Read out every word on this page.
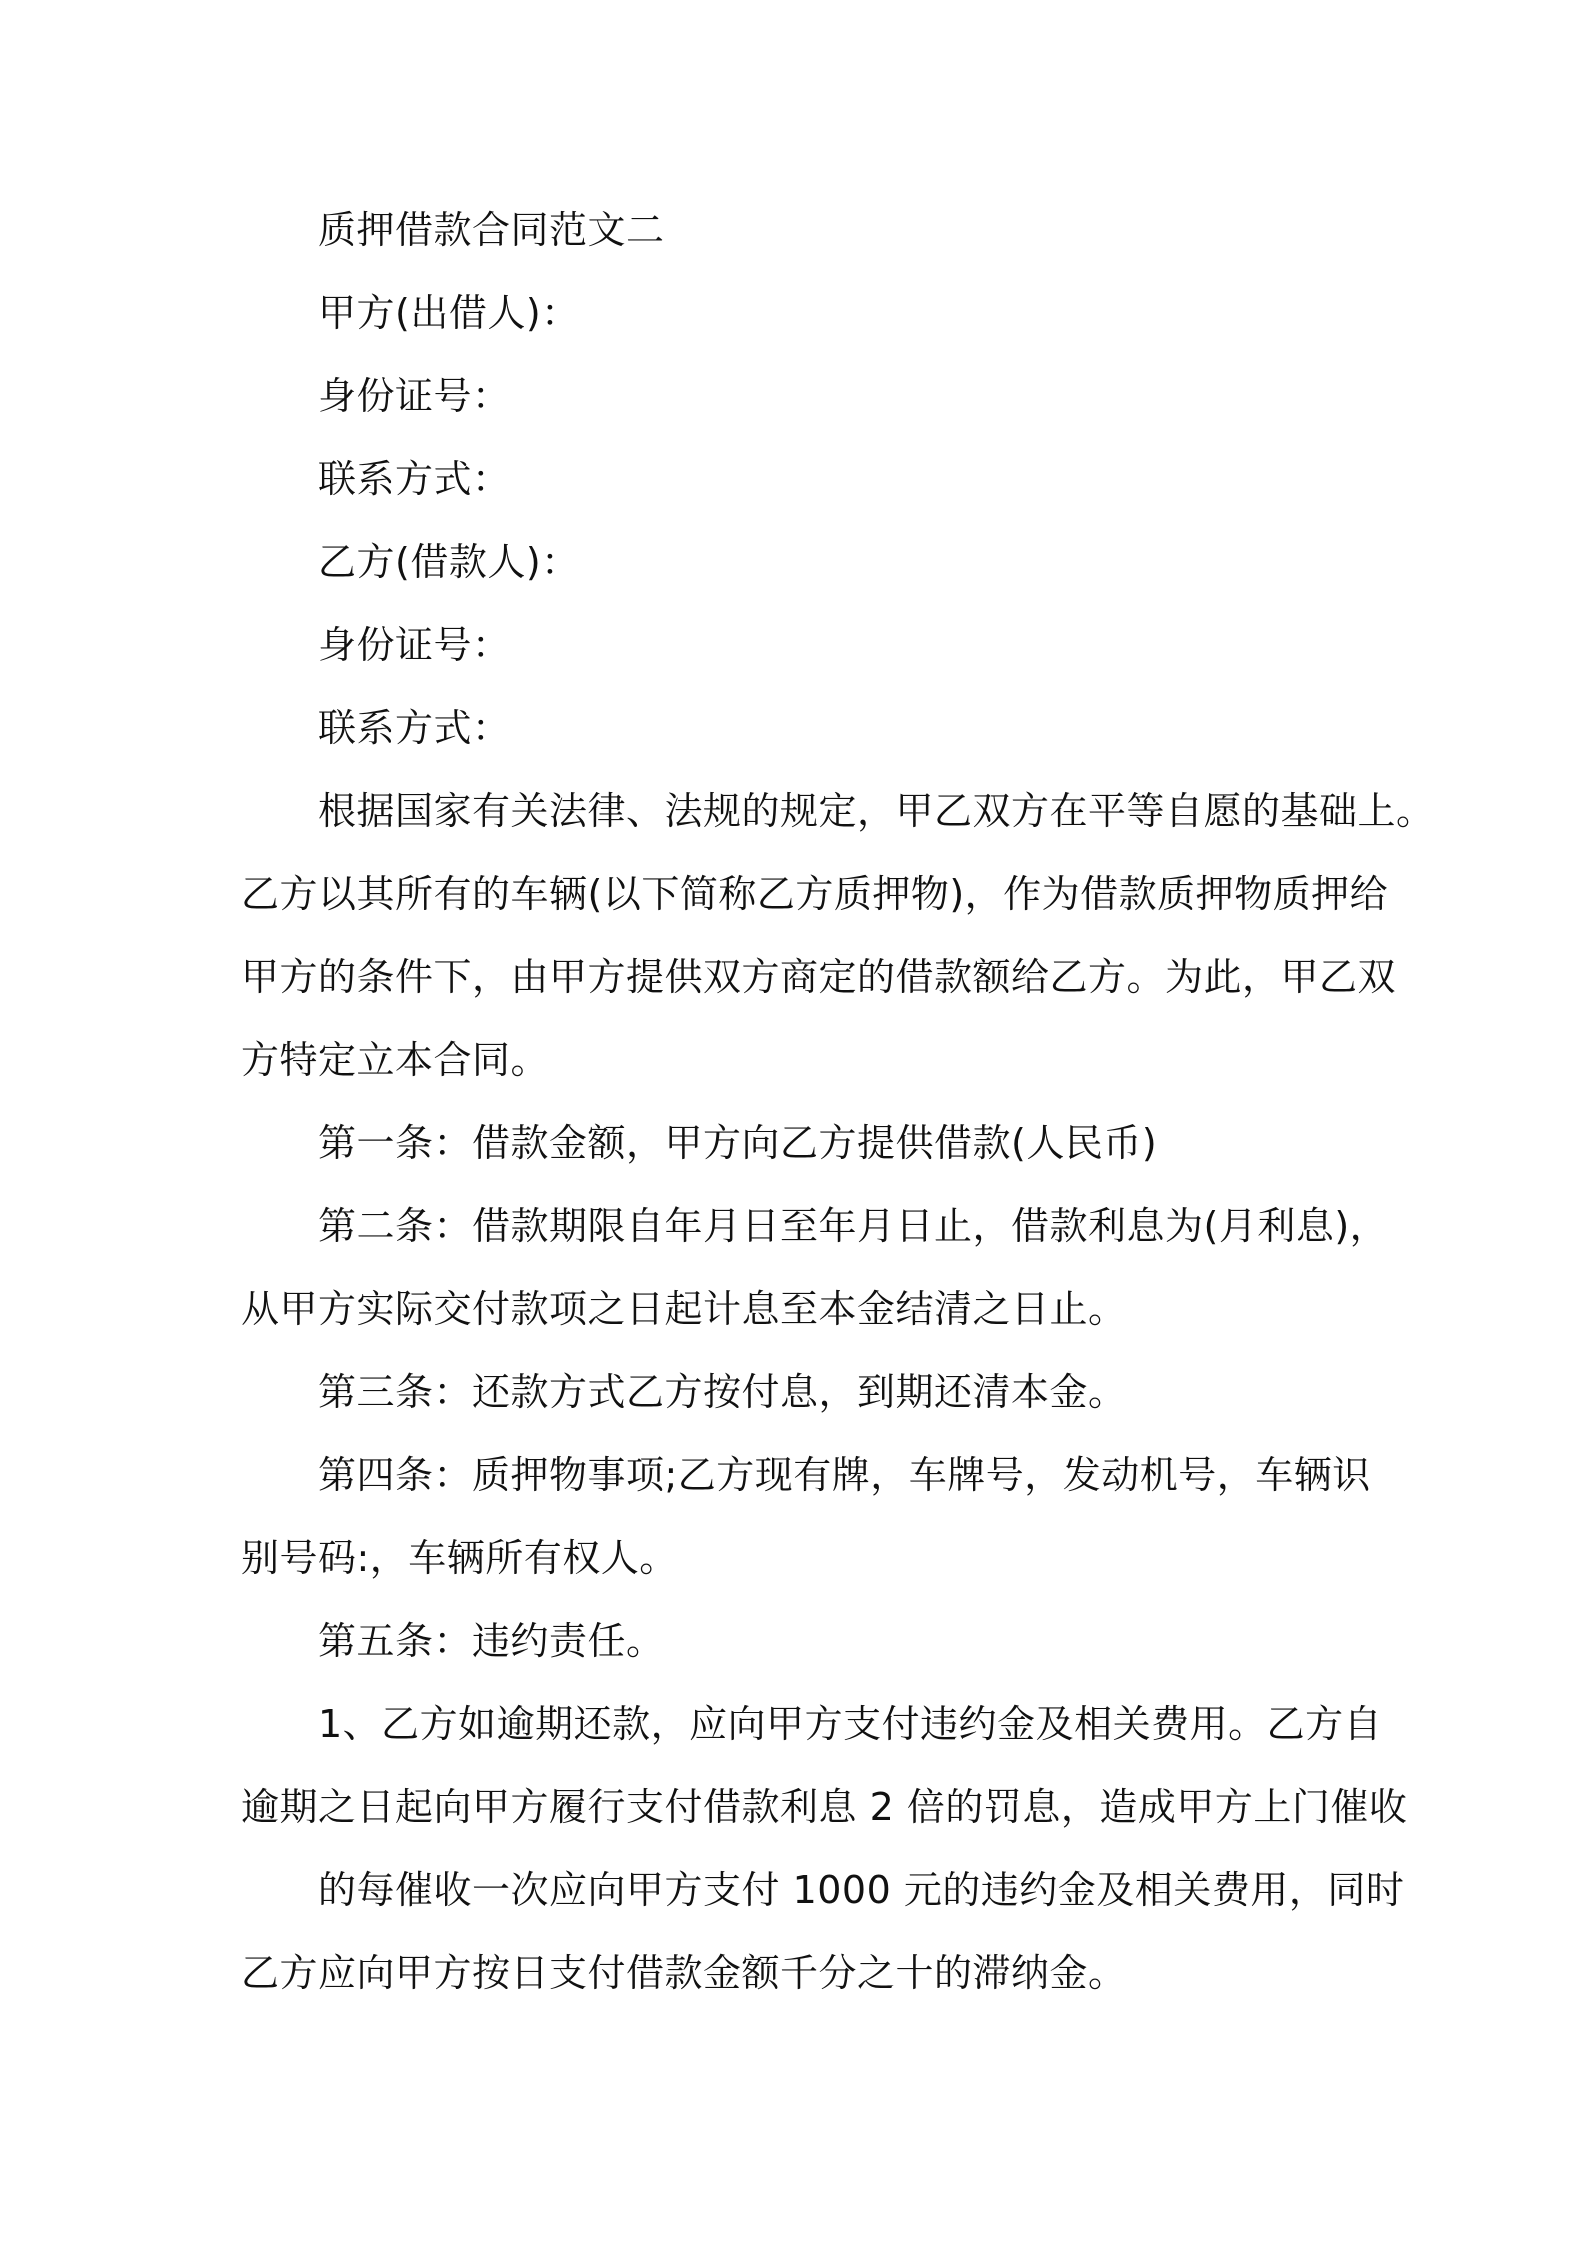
质押借款合同范文二
甲方(出借人)：
身份证号：
联系方式：
乙方(借款人)：
身份证号：
联系方式：
根据国家有关法律、法规的规定，甲乙双方在平等自愿的基础上。
乙方以其所有的车辆(以下简称乙方质押物)，作为借款质押物质押给
甲方的条件下，由甲方提供双方商定的借款额给乙方。为此，甲乙双
方特定立本合同。
第一条：借款金额，甲方向乙方提供借款(人民币)
第二条：借款期限自年月日至年月日止，借款利息为(月利息)，
从甲方实际交付款项之日起计息至本金结清之日止。
第三条：还款方式乙方按付息，到期还清本金。
第四条：质押物事项;乙方现有牌，车牌号，发动机号，车辆识
别号码:，车辆所有权人。
第五条：违约责任。
1、乙方如逾期还款，应向甲方支付违约金及相关费用。乙方自
逾期之日起向甲方履行支付借款利息 2 倍的罚息，造成甲方上门催收
的每催收一次应向甲方支付 1000 元的违约金及相关费用，同时
乙方应向甲方按日支付借款金额千分之十的滞纳金。
